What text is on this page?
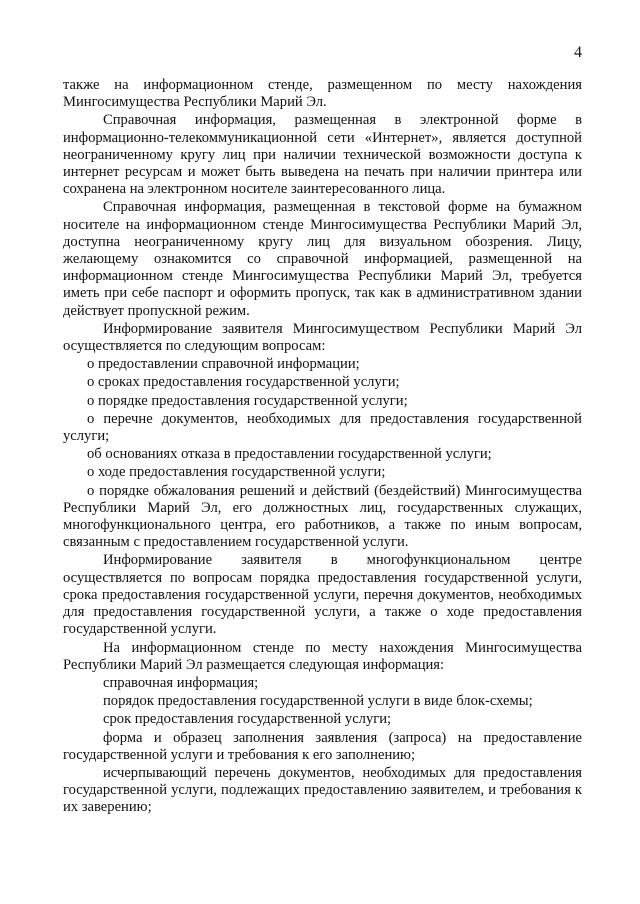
4

также на информационном стенде, размещенном по месту нахождения Мингосимущества Республики Марий Эл.

Справочная информация, размещенная в электронной форме в информационно-телекоммуникационной сети «Интернет», является доступной неограниченному кругу лиц при наличии технической возможности доступа к интернет ресурсам и может быть выведена на печать при наличии принтера или сохранена на электронном носителе заинтересованного лица.

Справочная информация, размещенная в текстовой форме на бумажном носителе на информационном стенде Мингосимущества Республики Марий Эл, доступна неограниченному кругу лиц для визуальном обозрения. Лицу, желающему ознакомится со справочной информацией, размещенной на информационном стенде Мингосимущества Республики Марий Эл, требуется иметь при себе паспорт и оформить пропуск, так как в административном здании действует пропускной режим.

Информирование заявителя Мингосимуществом Республики Марий Эл осуществляется по следующим вопросам:

о предоставлении справочной информации;

о сроках предоставления государственной услуги;

о порядке предоставления государственной услуги;

о перечне документов, необходимых для предоставления государственной услуги;

об основаниях отказа в предоставлении государственной услуги;

о ходе предоставления государственной услуги;

о порядке обжалования решений и действий (бездействий) Мингосимущества Республики Марий Эл, его должностных лиц, государственных служащих, многофункционального центра, его работников, а также по иным вопросам, связанным с предоставлением государственной услуги.

Информирование заявителя в многофункциональном центре осуществляется по вопросам порядка предоставления государственной услуги, срока предоставления государственной услуги, перечня документов, необходимых для предоставления государственной услуги, а также о ходе предоставления государственной услуги.

На информационном стенде по месту нахождения Мингосимущества Республики Марий Эл размещается следующая информация:

справочная информация;

порядок предоставления государственной услуги в виде блок-схемы;

срок предоставления государственной услуги;

форма и образец заполнения заявления (запроса) на предоставление государственной услуги и требования к его заполнению;

исчерпывающий перечень документов, необходимых для предоставления государственной услуги, подлежащих предоставлению заявителем, и требования к их заверению;
